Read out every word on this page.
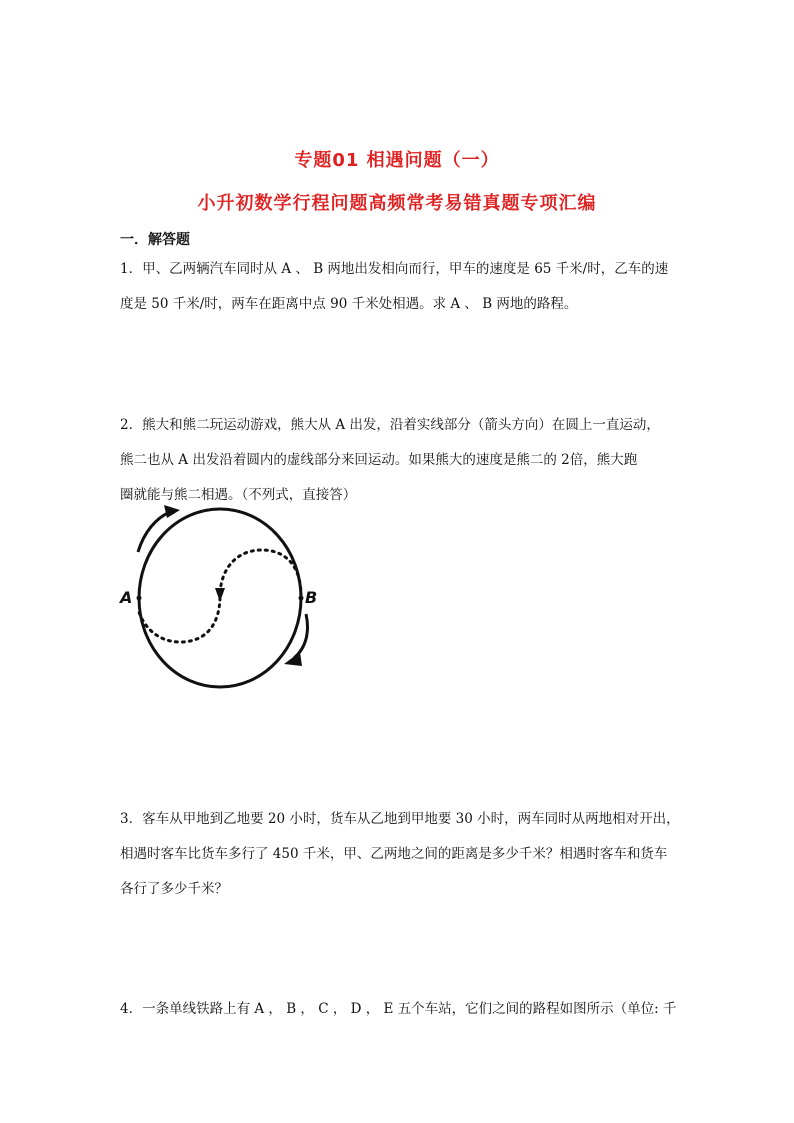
专题01 相遇问题（一）
小升初数学行程问题高频常考易错真题专项汇编
一．解答题

1．甲、乙两辆汽车同时从 A 、 B 两地出发相向而行，甲车的速度是 65 千米/时，乙车的速

度是 50 千米/时，两车在距离中点 90 千米处相遇。求 A 、 B 两地的路程。

2．熊大和熊二玩运动游戏，熊大从 A 出发，沿着实线部分（箭头方向）在圆上一直运动，

熊二也从 A 出发沿着圆内的虚线部分来回运动。如果熊大的速度是熊二的 2倍，熊大跑

圈就能与熊二相遇。（不列式，直接答）

A	B

3．客车从甲地到乙地要 20 小时，货车从乙地到甲地要 30 小时，两车同时从两地相对开出，

相遇时客车比货车多行了 450 千米，甲、乙两地之间的距离是多少千米？相遇时客车和货车

各行了多少千米？

4．一条单线铁路上有 A ， B ， C ， D ， E 五个车站，它们之间的路程如图所示（单位: 千
